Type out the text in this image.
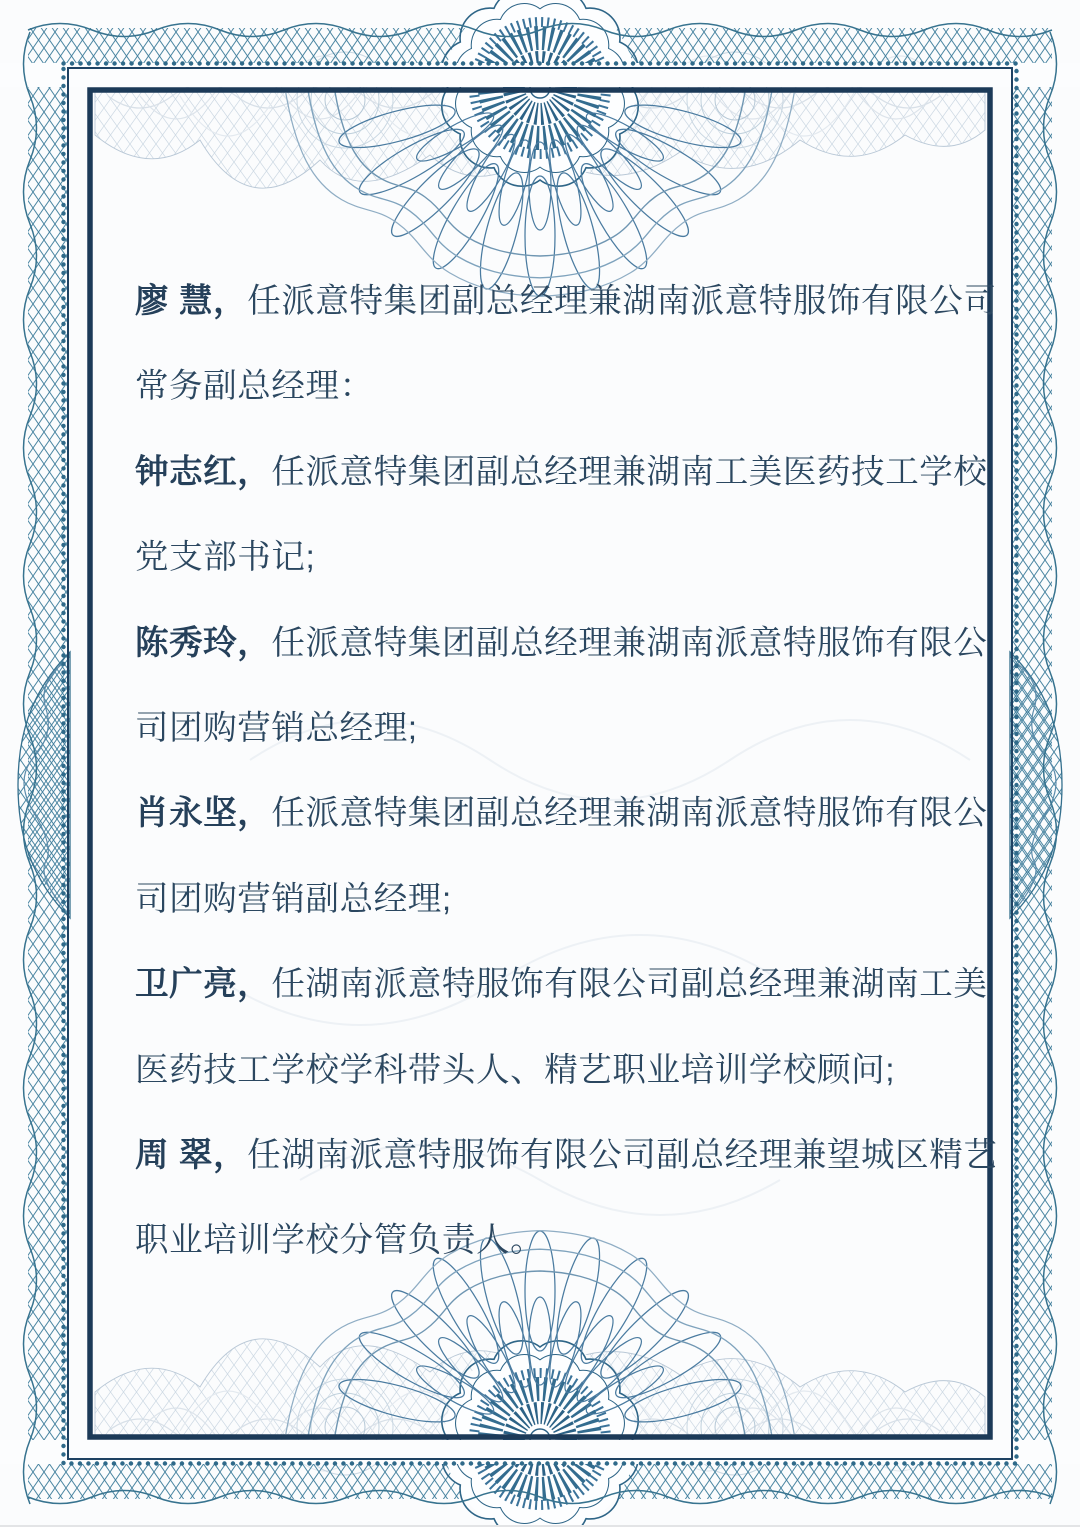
廖 慧，任派意特集团副总经理兼湖南派意特服饰有限公司
常务副总经理：
钟志红，任派意特集团副总经理兼湖南工美医药技工学校
党支部书记;
陈秀玲，任派意特集团副总经理兼湖南派意特服饰有限公
司团购营销总经理;
肖永坚，任派意特集团副总经理兼湖南派意特服饰有限公
司团购营销副总经理;
卫广亮，任湖南派意特服饰有限公司副总经理兼湖南工美
医药技工学校学科带头人、精艺职业培训学校顾问;
周 翠，任湖南派意特服饰有限公司副总经理兼望城区精艺
职业培训学校分管负责人。
